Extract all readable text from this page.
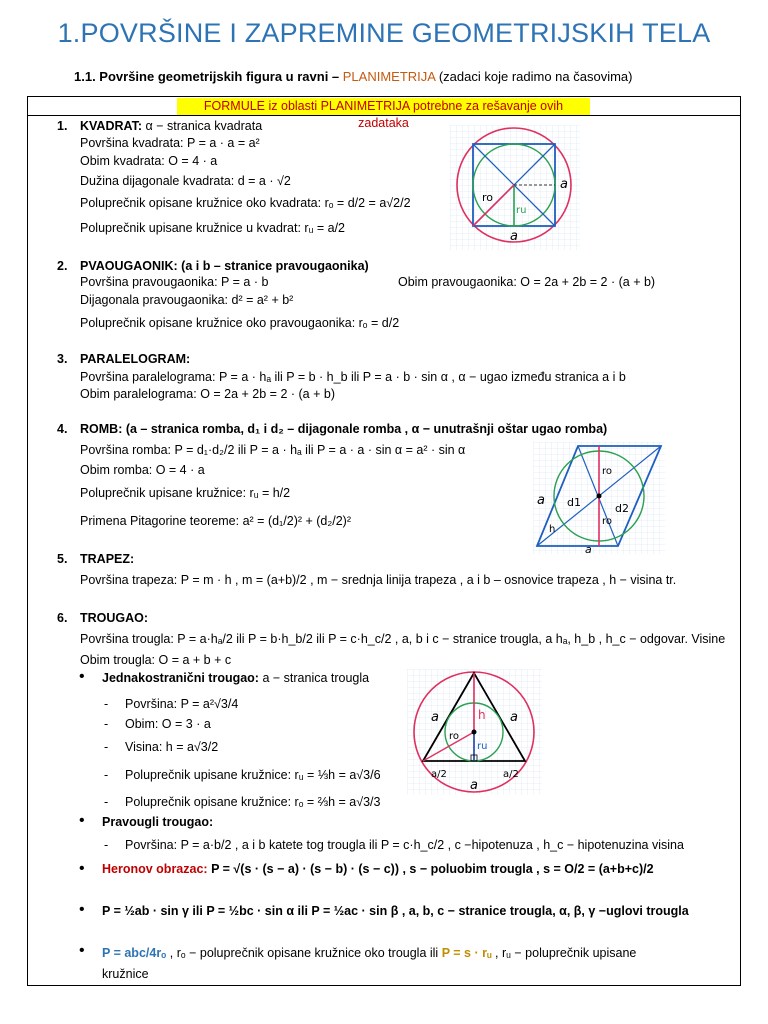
1.POVRŠINE I ZAPREMINE GEOMETRIJSKIH TELA
1.1. Površine geometrijskih figura u ravni – PLANIMETRIJA (zadaci koje radimo na časovima)
FORMULE iz oblasti PLANIMETRIJA potrebne za rešavanje ovih zadataka
1. KVADRAT: α − stranica kvadrata
Površina kvadrata: P = a · a = a²
Obim kvadrata: O = 4 · a
Dužina dijagonale kvadrata: d = a · √2
Poluprečnik opisane kružnice oko kvadrata: rₒ = d/2 = a√2/2
Poluprečnik upisane kružnice u kvadrat: rᵤ = a/2
a
a
ro
ru
2. PVAOUGAONIK: (a i b – stranice pravougaonika)
Površina pravougaonika: P = a · b	Obim pravougaonika: O = 2a + 2b = 2 · (a + b)
Dijagonala pravougaonika: d² = a² + b²
Poluprečnik opisane kružnice oko pravougaonika: rₒ = d/2
3. PARALELOGRAM:
Površina paralelograma: P = a · hₐ ili P = b · h_b ili P = a · b · sin α , α − ugao između stranica a i b
Obim paralelograma: O = 2a + 2b = 2 · (a + b)
4. ROMB: (a – stranica romba, d₁ i d₂ – dijagonale romba , α − unutrašnji oštar ugao romba)
Površina romba: P = d₁·d₂/2 ili P = a · hₐ ili P = a · a · sin α = a² · sin α
Obim romba: O = 4 · a
Poluprečnik upisane kružnice: rᵤ = h/2
Primena Pitagorine teoreme: a² = (d₁/2)² + (d₂/2)²
a
a
d1	d2
ro
ro
h
5. TRAPEZ:
Površina trapeza: P = m · h , m = (a+b)/2 , m − srednja linija trapeza , a i b – osnovice trapeza , h − visina tr.
6. TROUGAO:
Površina trougla: P = a·hₐ/2 ili P = b·h_b/2 ili P = c·h_c/2 , a, b i c − stranice trougla, a hₐ, h_b , h_c − odgovar. Visine
Obim trougla: O = a + b + c
• Jednakostranični trougao: a − stranica trougla
- Površina: P = a²√3/4
- Obim: O = 3 · a
- Visina: h = a√3/2
- Poluprečnik upisane kružnice: rᵤ = ⅓h = a√3/6
- Poluprečnik opisane kružnice: rₒ = ⅔h = a√3/3
• Pravougli trougao:
- Površina: P = a·b/2 , a i b katete tog trougla ili P = c·h_c/2 , c −hipotenuza , h_c − hipotenuzina visina
• Heronov obrazac: P = √(s · (s − a) · (s − b) · (s − c)) , s − poluobim trougla , s = O/2 = (a+b+c)/2
• P = ½ab · sin γ ili P = ½bc · sin α ili P = ½ac · sin β , a, b, c − stranice trougla, α, β, γ −uglovi trougla
• P = abc/4rₒ , rₒ − poluprečnik opisane kružnice oko trougla ili P = s · rᵤ , rᵤ − poluprečnik upisane
kružnice
a	a
a
h
ro
ru
a/2	a/2
